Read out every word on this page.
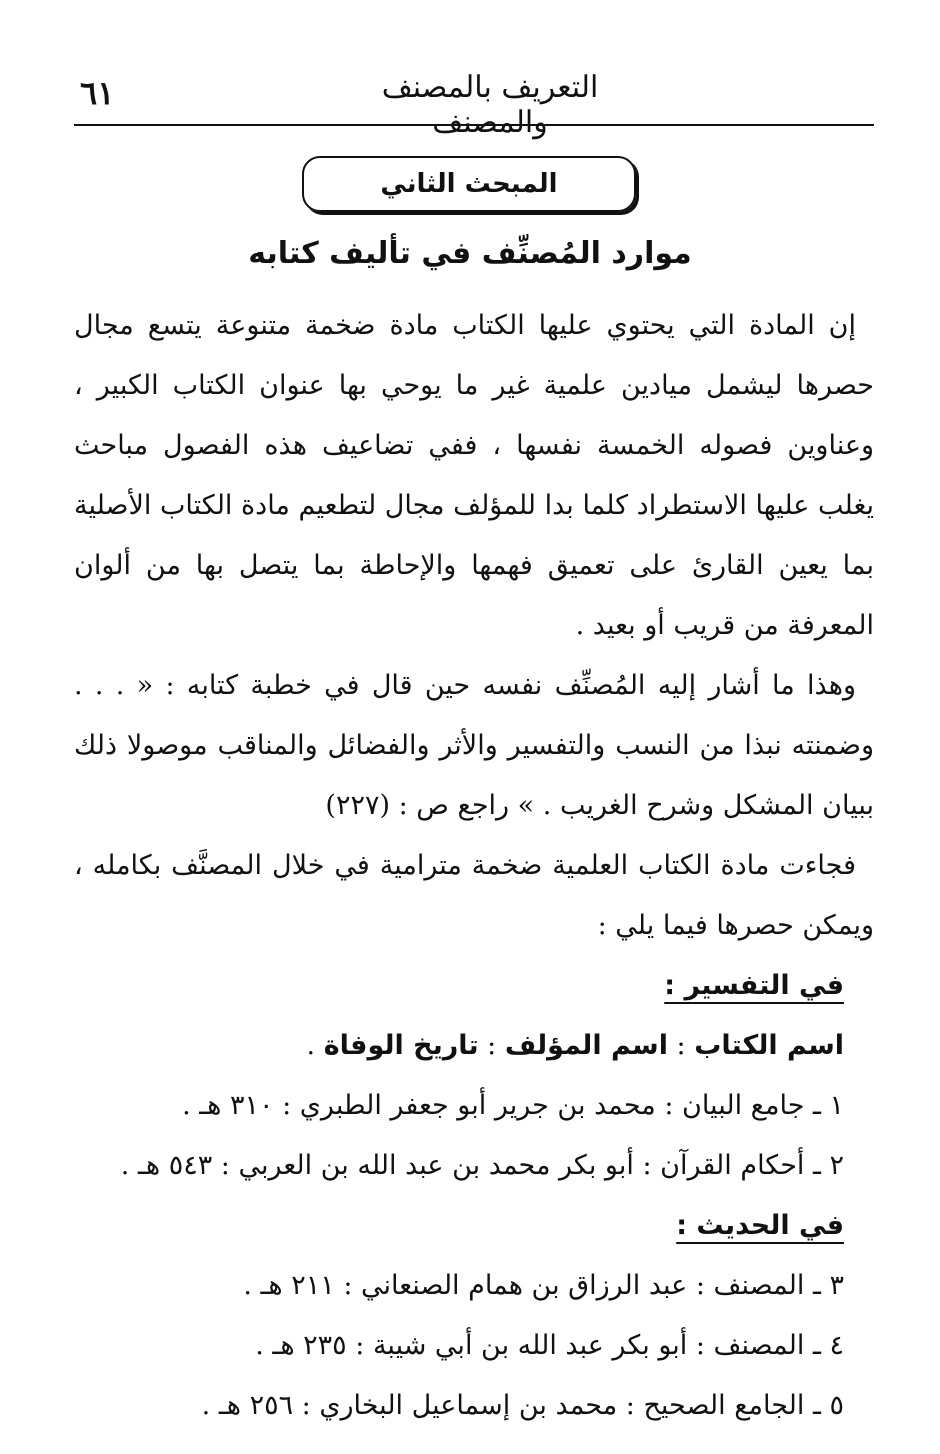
٦١	التعريف بالمصنف والمصنف
المبحث الثاني
موارد المُصنِّف في تأليف كتابه

إن المادة التي يحتوي عليها الكتاب مادة ضخمة متنوعة يتسع مجال حصرها ليشمل ميادين علمية غير ما يوحي بها عنوان الكتاب الكبير ، وعناوين فصوله الخمسة نفسها ، ففي تضاعيف هذه الفصول مباحث يغلب عليها الاستطراد كلما بدا للمؤلف مجال لتطعيم مادة الكتاب الأصلية بما يعين القارئ على تعميق فهمها والإحاطة بما يتصل بها من ألوان المعرفة من قريب أو بعيد .

وهذا ما أشار إليه المُصنِّف نفسه حين قال في خطبة كتابه : « . . . وضمنته نبذا من النسب والتفسير والأثر والفضائل والمناقب موصولا ذلك ببيان المشكل وشرح الغريب . » راجع ص : (٢٢٧)

فجاءت مادة الكتاب العلمية ضخمة مترامية في خلال المصنَّف بكامله ، ويمكن حصرها فيما يلي :

في التفسير :
اسم الكتاب : اسم المؤلف : تاريخ الوفاة .
١ ـ جامع البيان : محمد بن جرير أبو جعفر الطبري : ٣١٠ هـ .
٢ ـ أحكام القرآن : أبو بكر محمد بن عبد الله بن العربي : ٥٤٣ هـ .
في الحديث :
٣ ـ المصنف : عبد الرزاق بن همام الصنعاني : ٢١١ هـ .
٤ ـ المصنف : أبو بكر عبد الله بن أبي شيبة : ٢٣٥ هـ .
٥ ـ الجامع الصحيح : محمد بن إسماعيل البخاري : ٢٥٦ هـ .
